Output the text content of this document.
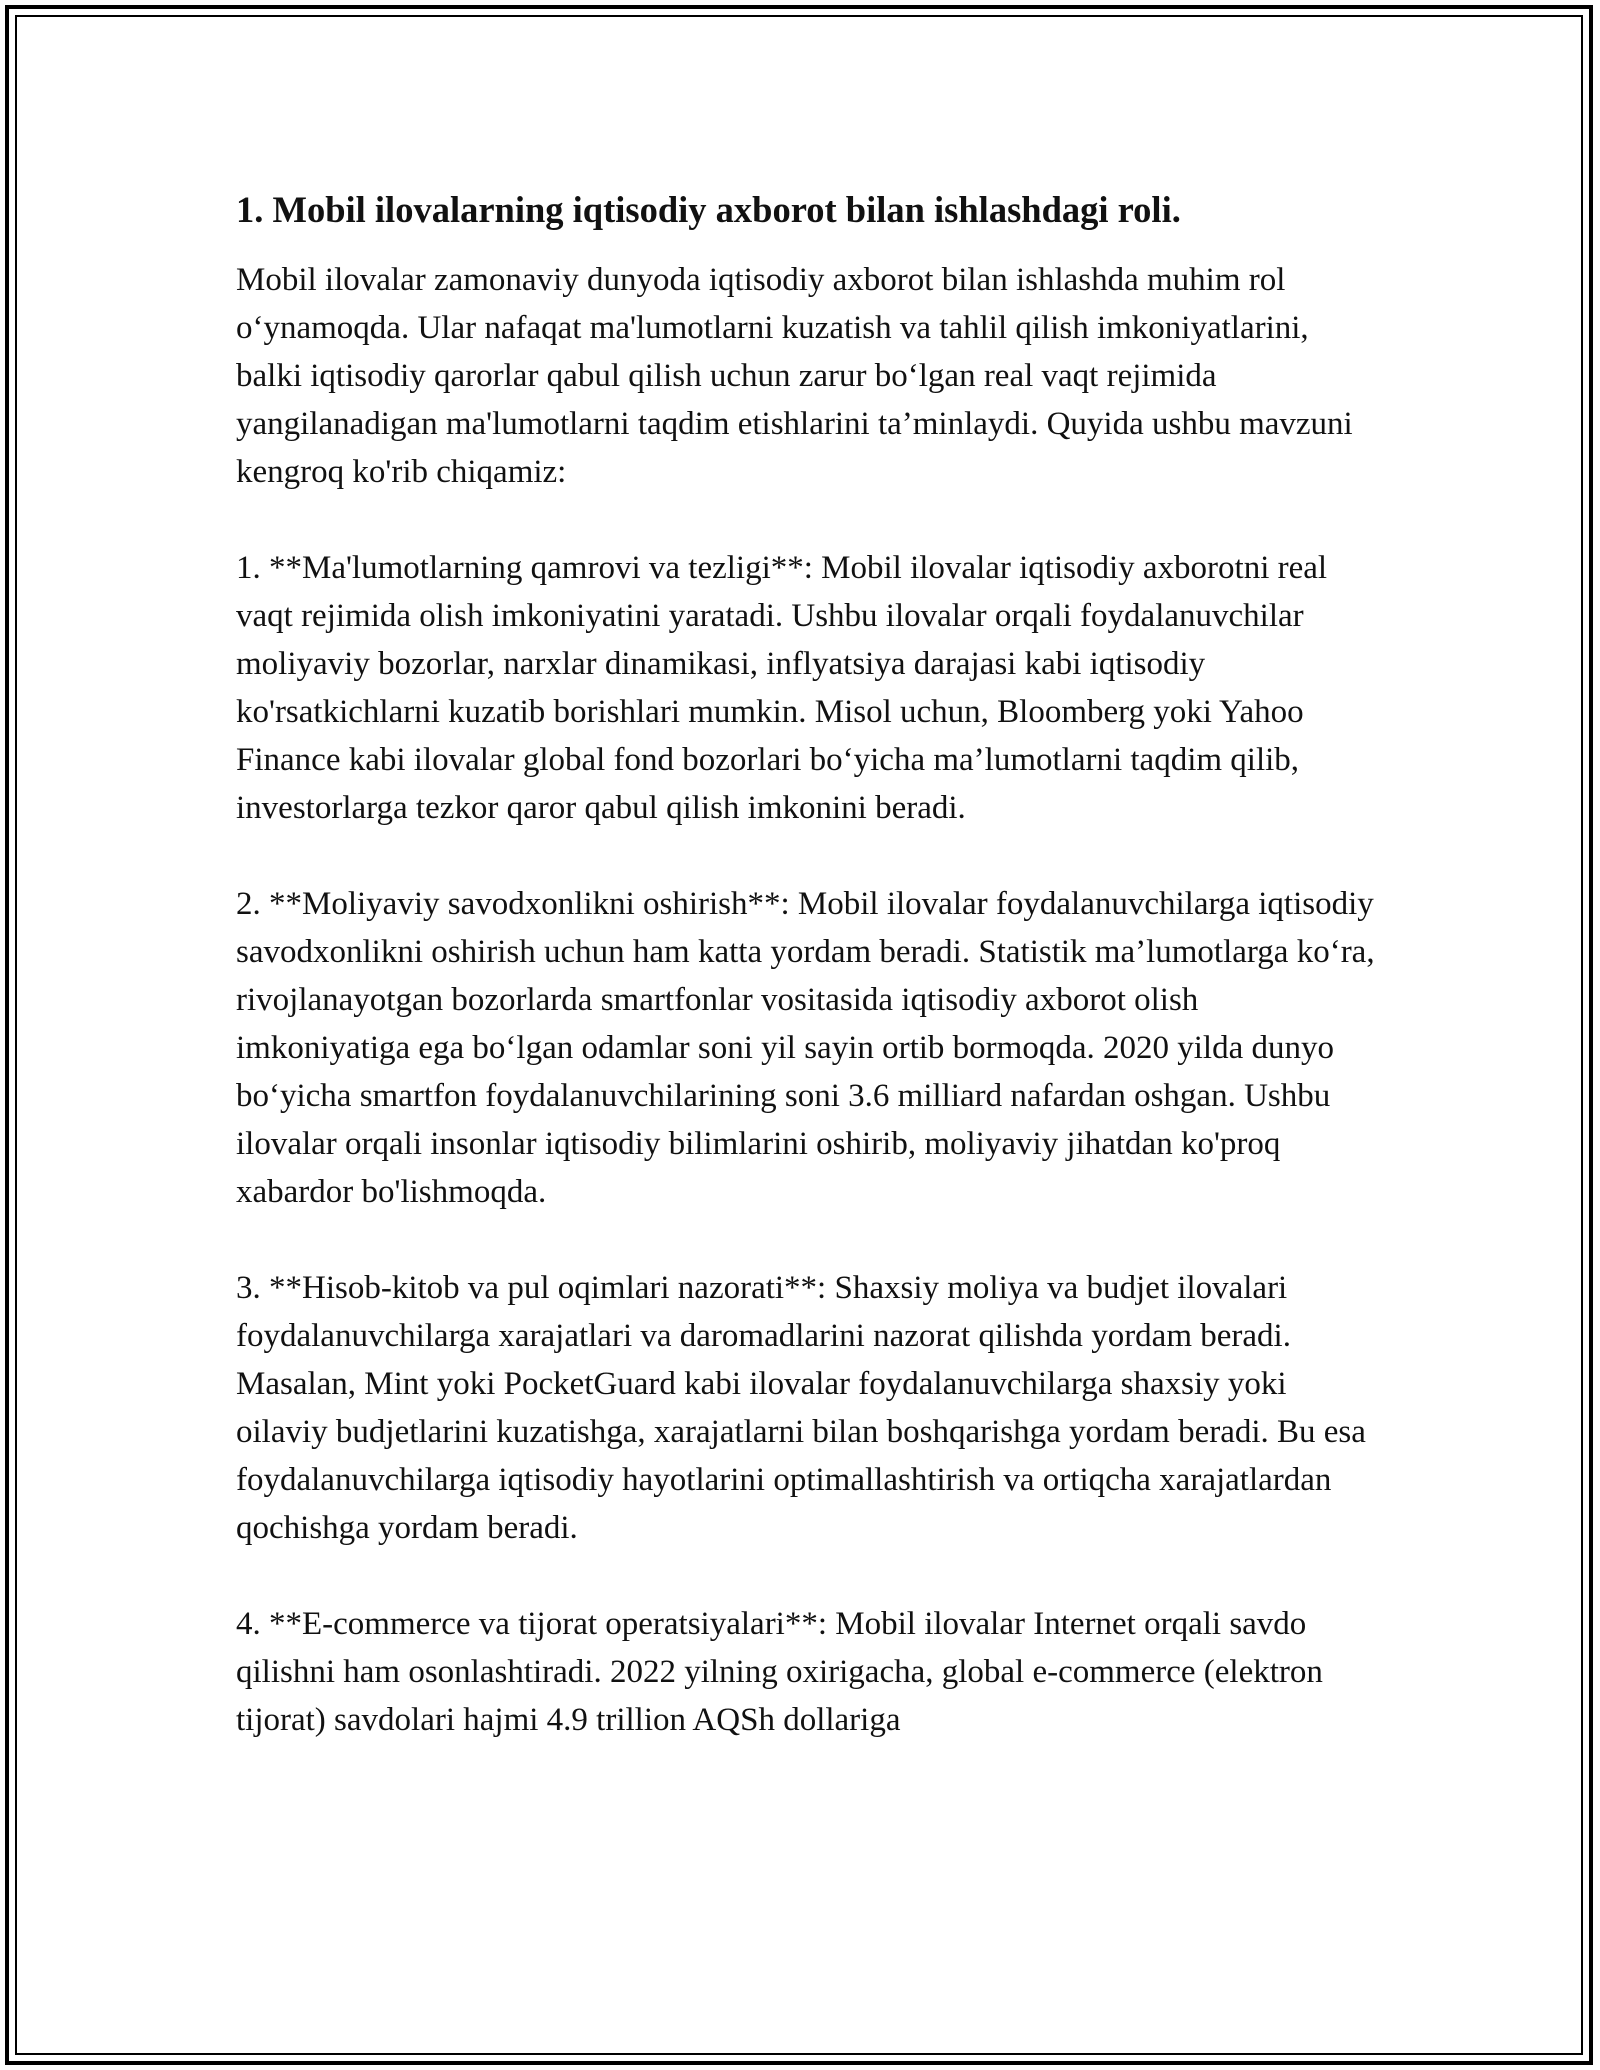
1. Mobil ilovalarning iqtisodiy axborot bilan ishlashdagi roli.

Mobil ilovalar zamonaviy dunyoda iqtisodiy axborot bilan ishlashda muhim rol o‘ynamoqda. Ular nafaqat ma'lumotlarni kuzatish va tahlil qilish imkoniyatlarini, balki iqtisodiy qarorlar qabul qilish uchun zarur bo‘lgan real vaqt rejimida yangilanadigan ma'lumotlarni taqdim etishlarini ta’minlaydi. Quyida ushbu mavzuni kengroq ko'rib chiqamiz:

1. **Ma'lumotlarning qamrovi va tezligi**: Mobil ilovalar iqtisodiy axborotni real vaqt rejimida olish imkoniyatini yaratadi. Ushbu ilovalar orqali foydalanuvchilar moliyaviy bozorlar, narxlar dinamikasi, inflyatsiya darajasi kabi iqtisodiy ko'rsatkichlarni kuzatib borishlari mumkin. Misol uchun, Bloomberg yoki Yahoo Finance kabi ilovalar global fond bozorlari bo‘yicha ma’lumotlarni taqdim qilib, investorlarga tezkor qaror qabul qilish imkonini beradi.

2. **Moliyaviy savodxonlikni oshirish**: Mobil ilovalar foydalanuvchilarga iqtisodiy savodxonlikni oshirish uchun ham katta yordam beradi. Statistik ma’lumotlarga ko‘ra, rivojlanayotgan bozorlarda smartfonlar vositasida iqtisodiy axborot olish imkoniyatiga ega bo‘lgan odamlar soni yil sayin ortib bormoqda. 2020 yilda dunyo bo‘yicha smartfon foydalanuvchilarining soni 3.6 milliard nafardan oshgan. Ushbu ilovalar orqali insonlar iqtisodiy bilimlarini oshirib, moliyaviy jihatdan ko'proq xabardor bo'lishmoqda.

3. **Hisob-kitob va pul oqimlari nazorati**: Shaxsiy moliya va budjet ilovalari foydalanuvchilarga xarajatlari va daromadlarini nazorat qilishda yordam beradi. Masalan, Mint yoki PocketGuard kabi ilovalar foydalanuvchilarga shaxsiy yoki oilaviy budjetlarini kuzatishga, xarajatlarni bilan boshqarishga yordam beradi. Bu esa foydalanuvchilarga iqtisodiy hayotlarini optimallashtirish va ortiqcha xarajatlardan qochishga yordam beradi.

4. **E-commerce va tijorat operatsiyalari**: Mobil ilovalar Internet orqali savdo qilishni ham osonlashtiradi. 2022 yilning oxirigacha, global e-commerce (elektron tijorat) savdolari hajmi 4.9 trillion AQSh dollariga
